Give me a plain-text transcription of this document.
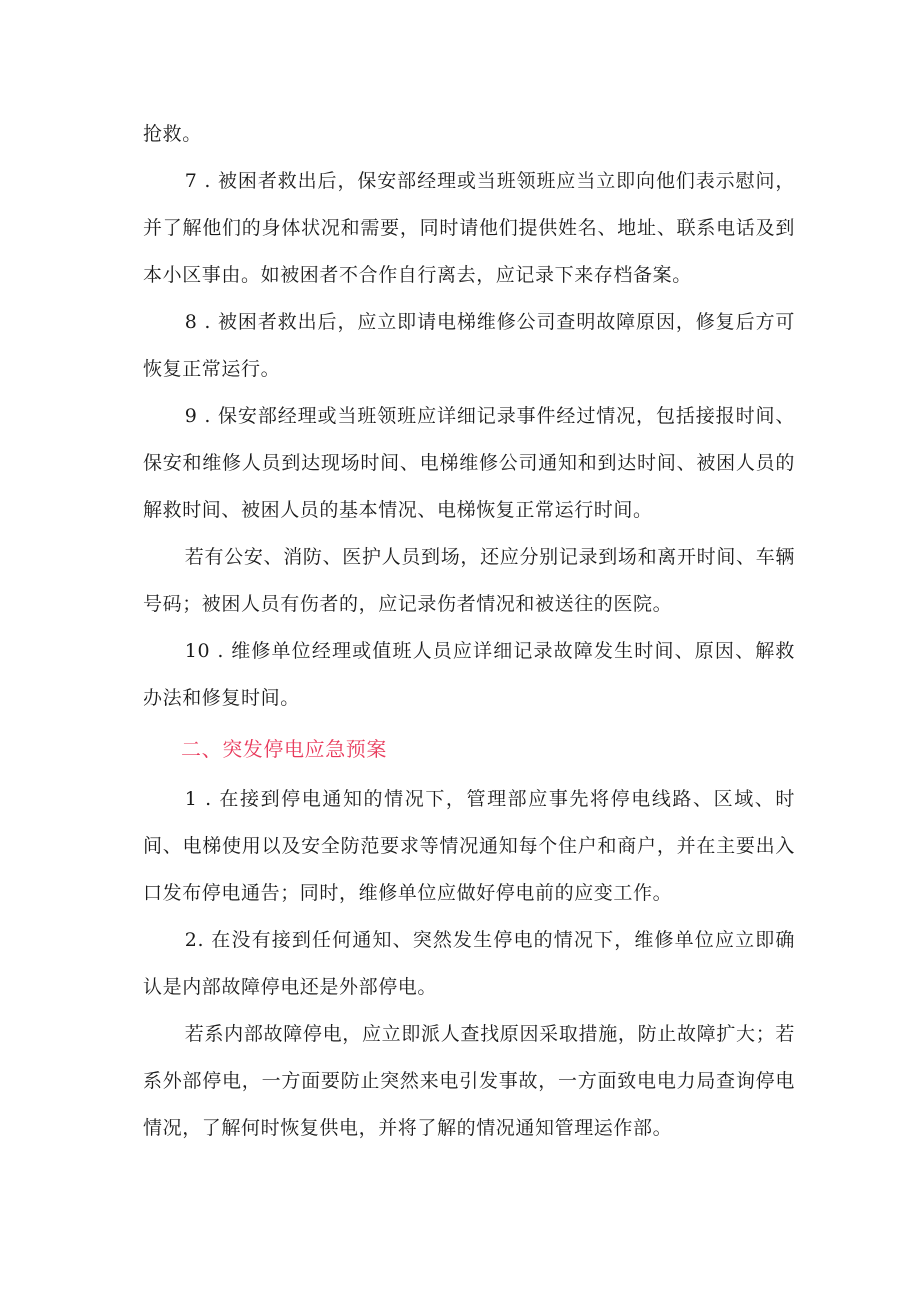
抢救。

7 . 被困者救出后，保安部经理或当班领班应当立即向他们表示慰问，并了解他们的身体状况和需要，同时请他们提供姓名、地址、联系电话及到本小区事由。如被困者不合作自行离去，应记录下来存档备案。

8 . 被困者救出后，应立即请电梯维修公司查明故障原因，修复后方可恢复正常运行。

9 . 保安部经理或当班领班应详细记录事件经过情况，包括接报时间、保安和维修人员到达现场时间、电梯维修公司通知和到达时间、被困人员的解救时间、被困人员的基本情况、电梯恢复正常运行时间。

若有公安、消防、医护人员到场，还应分别记录到场和离开时间、车辆号码；被困人员有伤者的，应记录伤者情况和被送往的医院。

10 . 维修单位经理或值班人员应详细记录故障发生时间、原因、解救办法和修复时间。

二、突发停电应急预案

1 . 在接到停电通知的情况下，管理部应事先将停电线路、区域、时间、电梯使用以及安全防范要求等情况通知每个住户和商户，并在主要出入口发布停电通告；同时，维修单位应做好停电前的应变工作。

2. 在没有接到任何通知、突然发生停电的情况下，维修单位应立即确认是内部故障停电还是外部停电。

若系内部故障停电，应立即派人查找原因采取措施，防止故障扩大；若系外部停电，一方面要防止突然来电引发事故，一方面致电电力局查询停电情况，了解何时恢复供电，并将了解的情况通知管理运作部。
